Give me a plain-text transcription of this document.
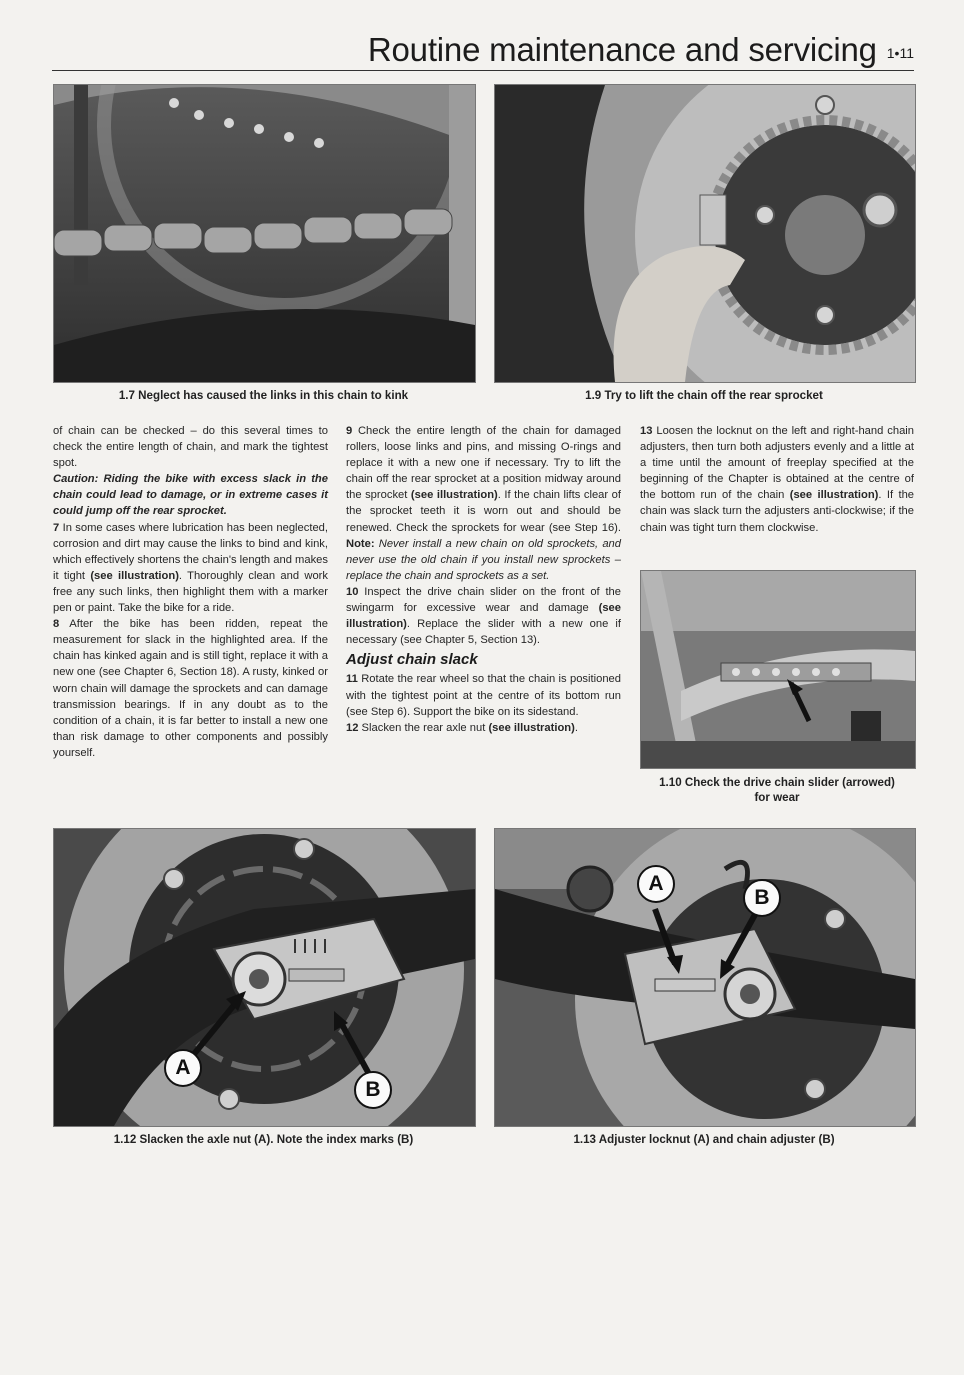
Routine maintenance and servicing 1•11
1.7 Neglect has caused the links in this chain to kink	1.9 Try to lift the chain off the rear sprocket

of chain can be checked – do this several times to check the entire length of chain, and mark the tightest spot.

Caution: Riding the bike with excess slack in the chain could lead to damage, or in extreme cases it could jump off the rear sprocket.

7 In some cases where lubrication has been neglected, corrosion and dirt may cause the links to bind and kink, which effectively shortens the chain's length and makes it tight (see illustration). Thoroughly clean and work free any such links, then highlight them with a marker pen or paint. Take the bike for a ride.

8 After the bike has been ridden, repeat the measurement for slack in the highlighted area. If the chain has kinked again and is still tight, replace it with a new one (see Chapter 6, Section 18). A rusty, kinked or worn chain will damage the sprockets and can damage transmission bearings. If in any doubt as to the condition of a chain, it is far better to install a new one than risk damage to other components and possibly yourself.

9 Check the entire length of the chain for damaged rollers, loose links and pins, and missing O-rings and replace it with a new one if necessary. Try to lift the chain off the rear sprocket at a position midway around the sprocket (see illustration). If the chain lifts clear of the sprocket teeth it is worn out and should be renewed. Check the sprockets for wear (see Step 16). Note: Never install a new chain on old sprockets, and never use the old chain if you install new sprockets – replace the chain and sprockets as a set.

10 Inspect the drive chain slider on the front of the swingarm for excessive wear and damage (see illustration). Replace the slider with a new one if necessary (see Chapter 5, Section 13).

Adjust chain slack

11 Rotate the rear wheel so that the chain is positioned with the tightest point at the centre of its bottom run (see Step 6). Support the bike on its sidestand.

12 Slacken the rear axle nut (see illustration).

13 Loosen the locknut on the left and right-hand chain adjusters, then turn both adjusters evenly and a little at a time until the amount of freeplay specified at the beginning of the Chapter is obtained at the centre of the bottom run of the chain (see illustration). If the chain was slack turn the adjusters anti-clockwise; if the chain was tight turn them clockwise.

1.10 Check the drive chain slider (arrowed)
for wear
A
B
1.12 Slacken the axle nut (A). Note the index marks (B)
A
B
1.13 Adjuster locknut (A) and chain adjuster (B)
